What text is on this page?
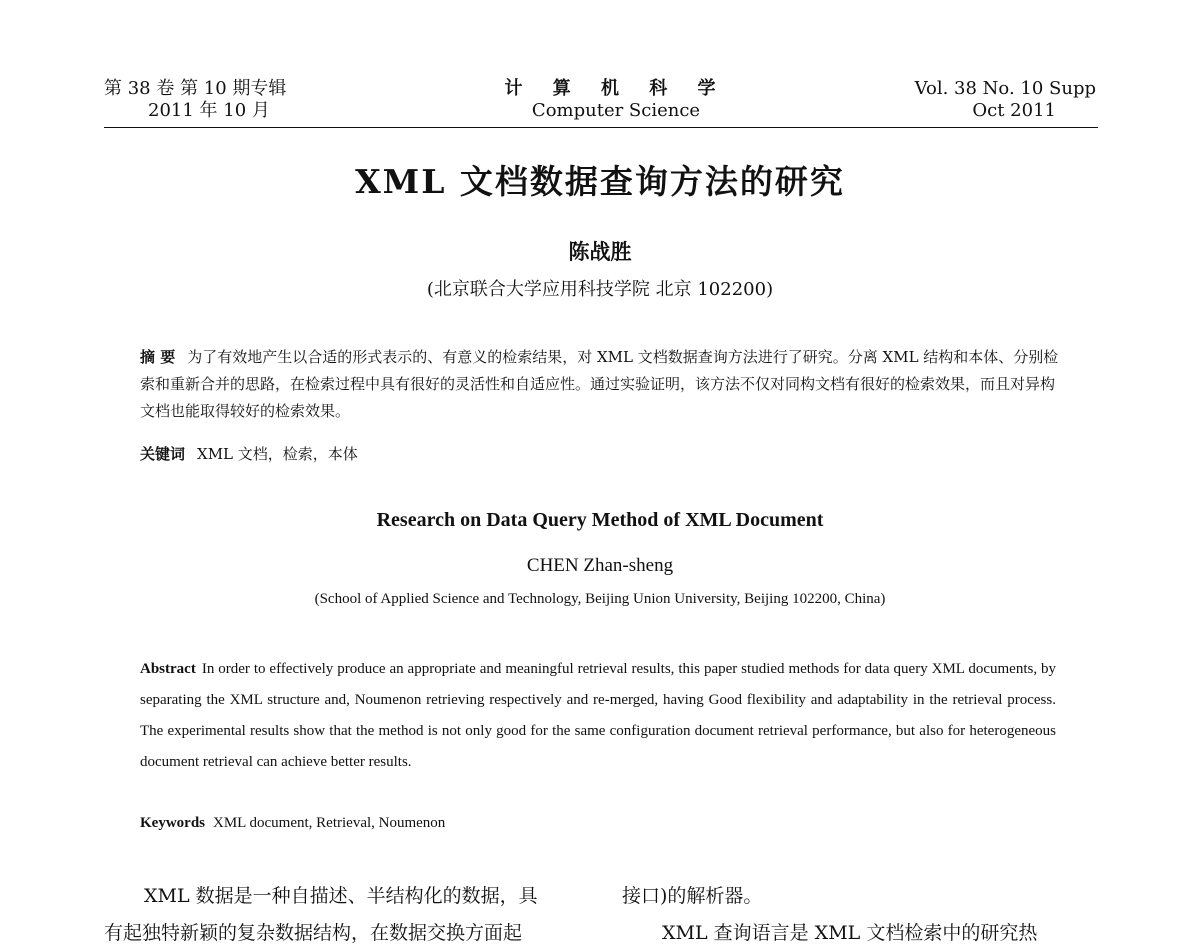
第 38 卷 第 10 期专辑
2011 年 10 月
计 算 机 科 学
Computer Science
Vol. 38 No. 10 Supp
Oct 2011
XML 文档数据查询方法的研究
陈战胜
(北京联合大学应用科技学院 北京 102200)
摘 要 为了有效地产生以合适的形式表示的、有意义的检索结果，对 XML 文档数据查询方法进行了研究。分离 XML 结构和本体、分别检索和重新合并的思路，在检索过程中具有很好的灵活性和自适应性。通过实验证明，该方法不仅对同构文档有很好的检索效果，而且对异构文档也能取得较好的检索效果。
关键词 XML 文档，检索，本体
Research on Data Query Method of XML Document
CHEN Zhan-sheng
(School of Applied Science and Technology, Beijing Union University, Beijing 102200, China)
Abstract In order to effectively produce an appropriate and meaningful retrieval results, this paper studied methods for data query XML documents, by separating the XML structure and, Noumenon retrieving respectively and re-merged, having Good flexibility and adaptability in the retrieval process. The experimental results show that the method is not only good for the same configuration document retrieval performance, but also for heterogeneous document retrieval can achieve better results.
Keywords XML document, Retrieval, Noumenon
XML 数据是一种自描述、半结构化的数据，具
有起独特新颖的复杂数据结构，在数据交换方面起
接口)的解析器。
XML 查询语言是 XML 文档检索中的研究热
